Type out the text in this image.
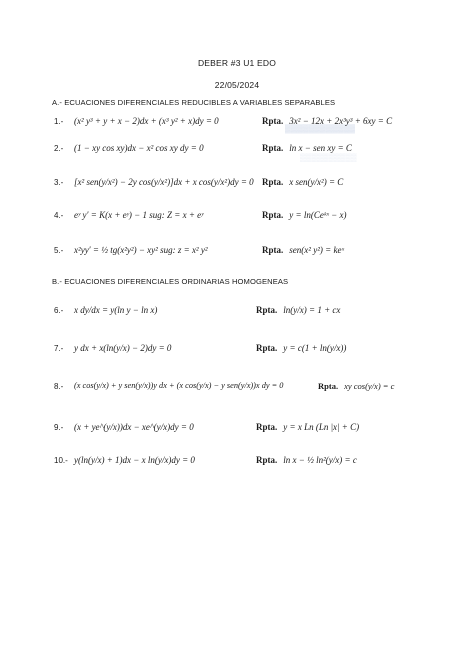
DEBER #3 U1 EDO
22/05/2024
A.- ECUACIONES DIFERENCIALES REDUCIBLES A VARIABLES SEPARABLES
▓▓▓▓▓▓▓▓▓▓▓▓
▒▒▒▒▒▒▒▒▒▒
1.- (x² y³ + y + x − 2)dx + (x³ y² + x)dy = 0	Rpta. 3x² − 12x + 2x³y³ + 6xy = C
2.- (1 − xy cos xy)dx − x² cos xy dy = 0	Rpta. ln x − sen xy = C
3.- [x² sen(y/x²) − 2y cos(y/x²)]dx + x cos(y/x²)dy = 0 Rpta. x sen(y/x²) = C
4.- eʸ y′ = K(x + eʸ) − 1 sug: Z = x + eʸ	Rpta. y = ln(Ceᵏˣ − x)
5.- x²yy′ = ½ tg(x²y²) − xy² sug: z = x² y²	Rpta. sen(x² y²) = keˣ
B.- ECUACIONES DIFERENCIALES ORDINARIAS HOMOGENEAS
6.- x dy/dx = y(ln y − ln x)	Rpta. ln(y/x) = 1 + cx
7.- y dx + x(ln(y/x) − 2)dy = 0	Rpta. y = c(1 + ln(y/x))
8.- (x cos(y/x) + y sen(y/x))y dx + (x cos(y/x) − y sen(y/x))x dy = 0	Rpta. xy cos(y/x) = c
9.- (x + ye^(y/x))dx − xe^(y/x)dy = 0	Rpta. y = x Ln (Ln |x| + C)
10.- y(ln(y/x) + 1)dx − x ln(y/x)dy = 0	Rpta. ln x − ½ ln²(y/x) = c
